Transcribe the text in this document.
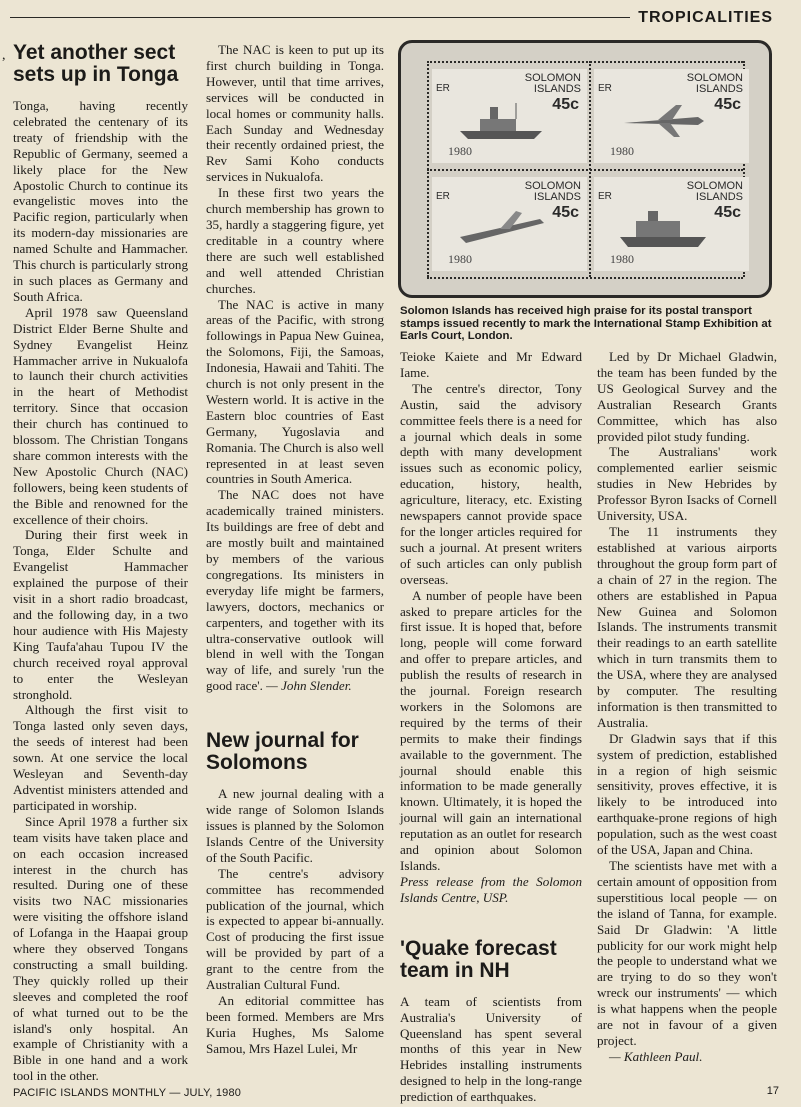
TROPICALITIES
, Yet another sect sets up in Tonga

Tonga, having recently celebrated the centenary of its treaty of friendship with the Republic of Germany, seemed a likely place for the New Apostolic Church to continue its evangelistic moves into the Pacific region, particularly when its modern-day missionaries are named Schulte and Hammacher. This church is particularly strong in such places as Germany and South Africa.

April 1978 saw Queensland District Elder Berne Shulte and Sydney Evangelist Heinz Hammacher arrive in Nukualofa to launch their church activities in the heart of Methodist territory. Since that occasion their church has continued to blossom. The Christian Tongans share common interests with the New Apostolic Church (NAC) followers, being keen students of the Bible and renowned for the excellence of their choirs.

During their first week in Tonga, Elder Schulte and Evangelist Hammacher explained the purpose of their visit in a short radio broadcast, and the following day, in a two hour audience with His Majesty King Taufa'ahau Tupou IV the church received royal approval to enter the Wesleyan stronghold.

Although the first visit to Tonga lasted only seven days, the seeds of interest had been sown. At one service the local Wesleyan and Seventh-day Adventist ministers attended and participated in worship.

Since April 1978 a further six team visits have taken place and on each occasion increased interest in the church has resulted. During one of these visits two NAC missionaries were visiting the offshore island of Lofanga in the Haapai group where they observed Tongans constructing a small building. They quickly rolled up their sleeves and completed the roof of what turned out to be the island's only hospital. An example of Christianity with a Bible in one hand and a work tool in the other.

The NAC is keen to put up its first church building in Tonga. However, until that time arrives, services will be conducted in local homes or community halls. Each Sunday and Wednesday their recently ordained priest, the Rev Sami Koho conducts services in Nukualofa.

In these first two years the church membership has grown to 35, hardly a staggering figure, yet creditable in a country where there are such well established and well attended Christian churches.

The NAC is active in many areas of the Pacific, with strong followings in Papua New Guinea, the Solomons, Fiji, the Samoas, Indonesia, Hawaii and Tahiti. The church is not only present in the Western world. It is active in the Eastern bloc countries of East Germany, Yugoslavia and Romania. The Church is also well represented in at least seven countries in South America.

The NAC does not have academically trained ministers. Its buildings are free of debt and are mostly built and maintained by members of the various congregations. Its ministers in everyday life might be farmers, lawyers, doctors, mechanics or carpenters, and together with its ultra-conservative outlook will blend in well with the Tongan way of life, and surely 'run the good race'. — John Slender.

New journal for Solomons

A new journal dealing with a wide range of Solomon Islands issues is planned by the Solomon Islands Centre of the University of the South Pacific.

The centre's advisory committee has recommended publication of the journal, which is expected to appear bi-annually. Cost of producing the first issue will be provided by part of a grant to the centre from the Australian Cultural Fund.

An editorial committee has been formed. Members are Mrs Kuria Hughes, Ms Salome Samou, Mrs Hazel Lulei, Mr

SOLOMON
ISLANDS
ER
45c
1980
SOLOMON
ISLANDS
ER
45c
1980
SOLOMON
ISLANDS
ER
45c
1980
SOLOMON
ISLANDS
ER
45c
1980
Solomon Islands has received high praise for its postal transport stamps issued recently to mark the International Stamp Exhibition at Earls Court, London.

Teioke Kaiete and Mr Edward Iame.

The centre's director, Tony Austin, said the advisory committee feels there is a need for a journal which deals in some depth with many development issues such as economic policy, education, history, health, agriculture, literacy, etc. Existing newspapers cannot provide space for the longer articles required for such a journal. At present writers of such articles can only publish overseas.

A number of people have been asked to prepare articles for the first issue. It is hoped that, before long, people will come forward and offer to prepare articles, and publish the results of research in the journal. Foreign research workers in the Solomons are required by the terms of their permits to make their findings available to the government. The journal should enable this information to be made generally known. Ultimately, it is hoped the journal will gain an international reputation as an outlet for research and opinion about Solomon Islands.

Press release from the Solomon Islands Centre, USP.

'Quake forecast team in NH

A team of scientists from Australia's University of Queensland has spent several months of this year in New Hebrides installing instruments designed to help in the long-range prediction of earthquakes.

Led by Dr Michael Gladwin, the team has been funded by the US Geological Survey and the Australian Research Grants Committee, which has also provided pilot study funding.

The Australians' work complemented earlier seismic studies in New Hebrides by Professor Byron Isacks of Cornell University, USA.

The 11 instruments they established at various airports throughout the group form part of a chain of 27 in the region. The others are established in Papua New Guinea and Solomon Islands. The instruments transmit their readings to an earth satellite which in turn transmits them to the USA, where they are analysed by computer. The resulting information is then transmitted to Australia.

Dr Gladwin says that if this system of prediction, established in a region of high seismic sensitivity, proves effective, it is likely to be introduced into earthquake-prone regions of high population, such as the west coast of the USA, Japan and China.

The scientists have met with a certain amount of opposition from superstitious local people — on the island of Tanna, for example. Said Dr Gladwin: 'A little publicity for our work might help the people to understand what we are trying to do so they won't wreck our instruments' — which is what happens when the people are not in favour of a given project.

— Kathleen Paul.

PACIFIC ISLANDS MONTHLY — JULY, 1980	17
